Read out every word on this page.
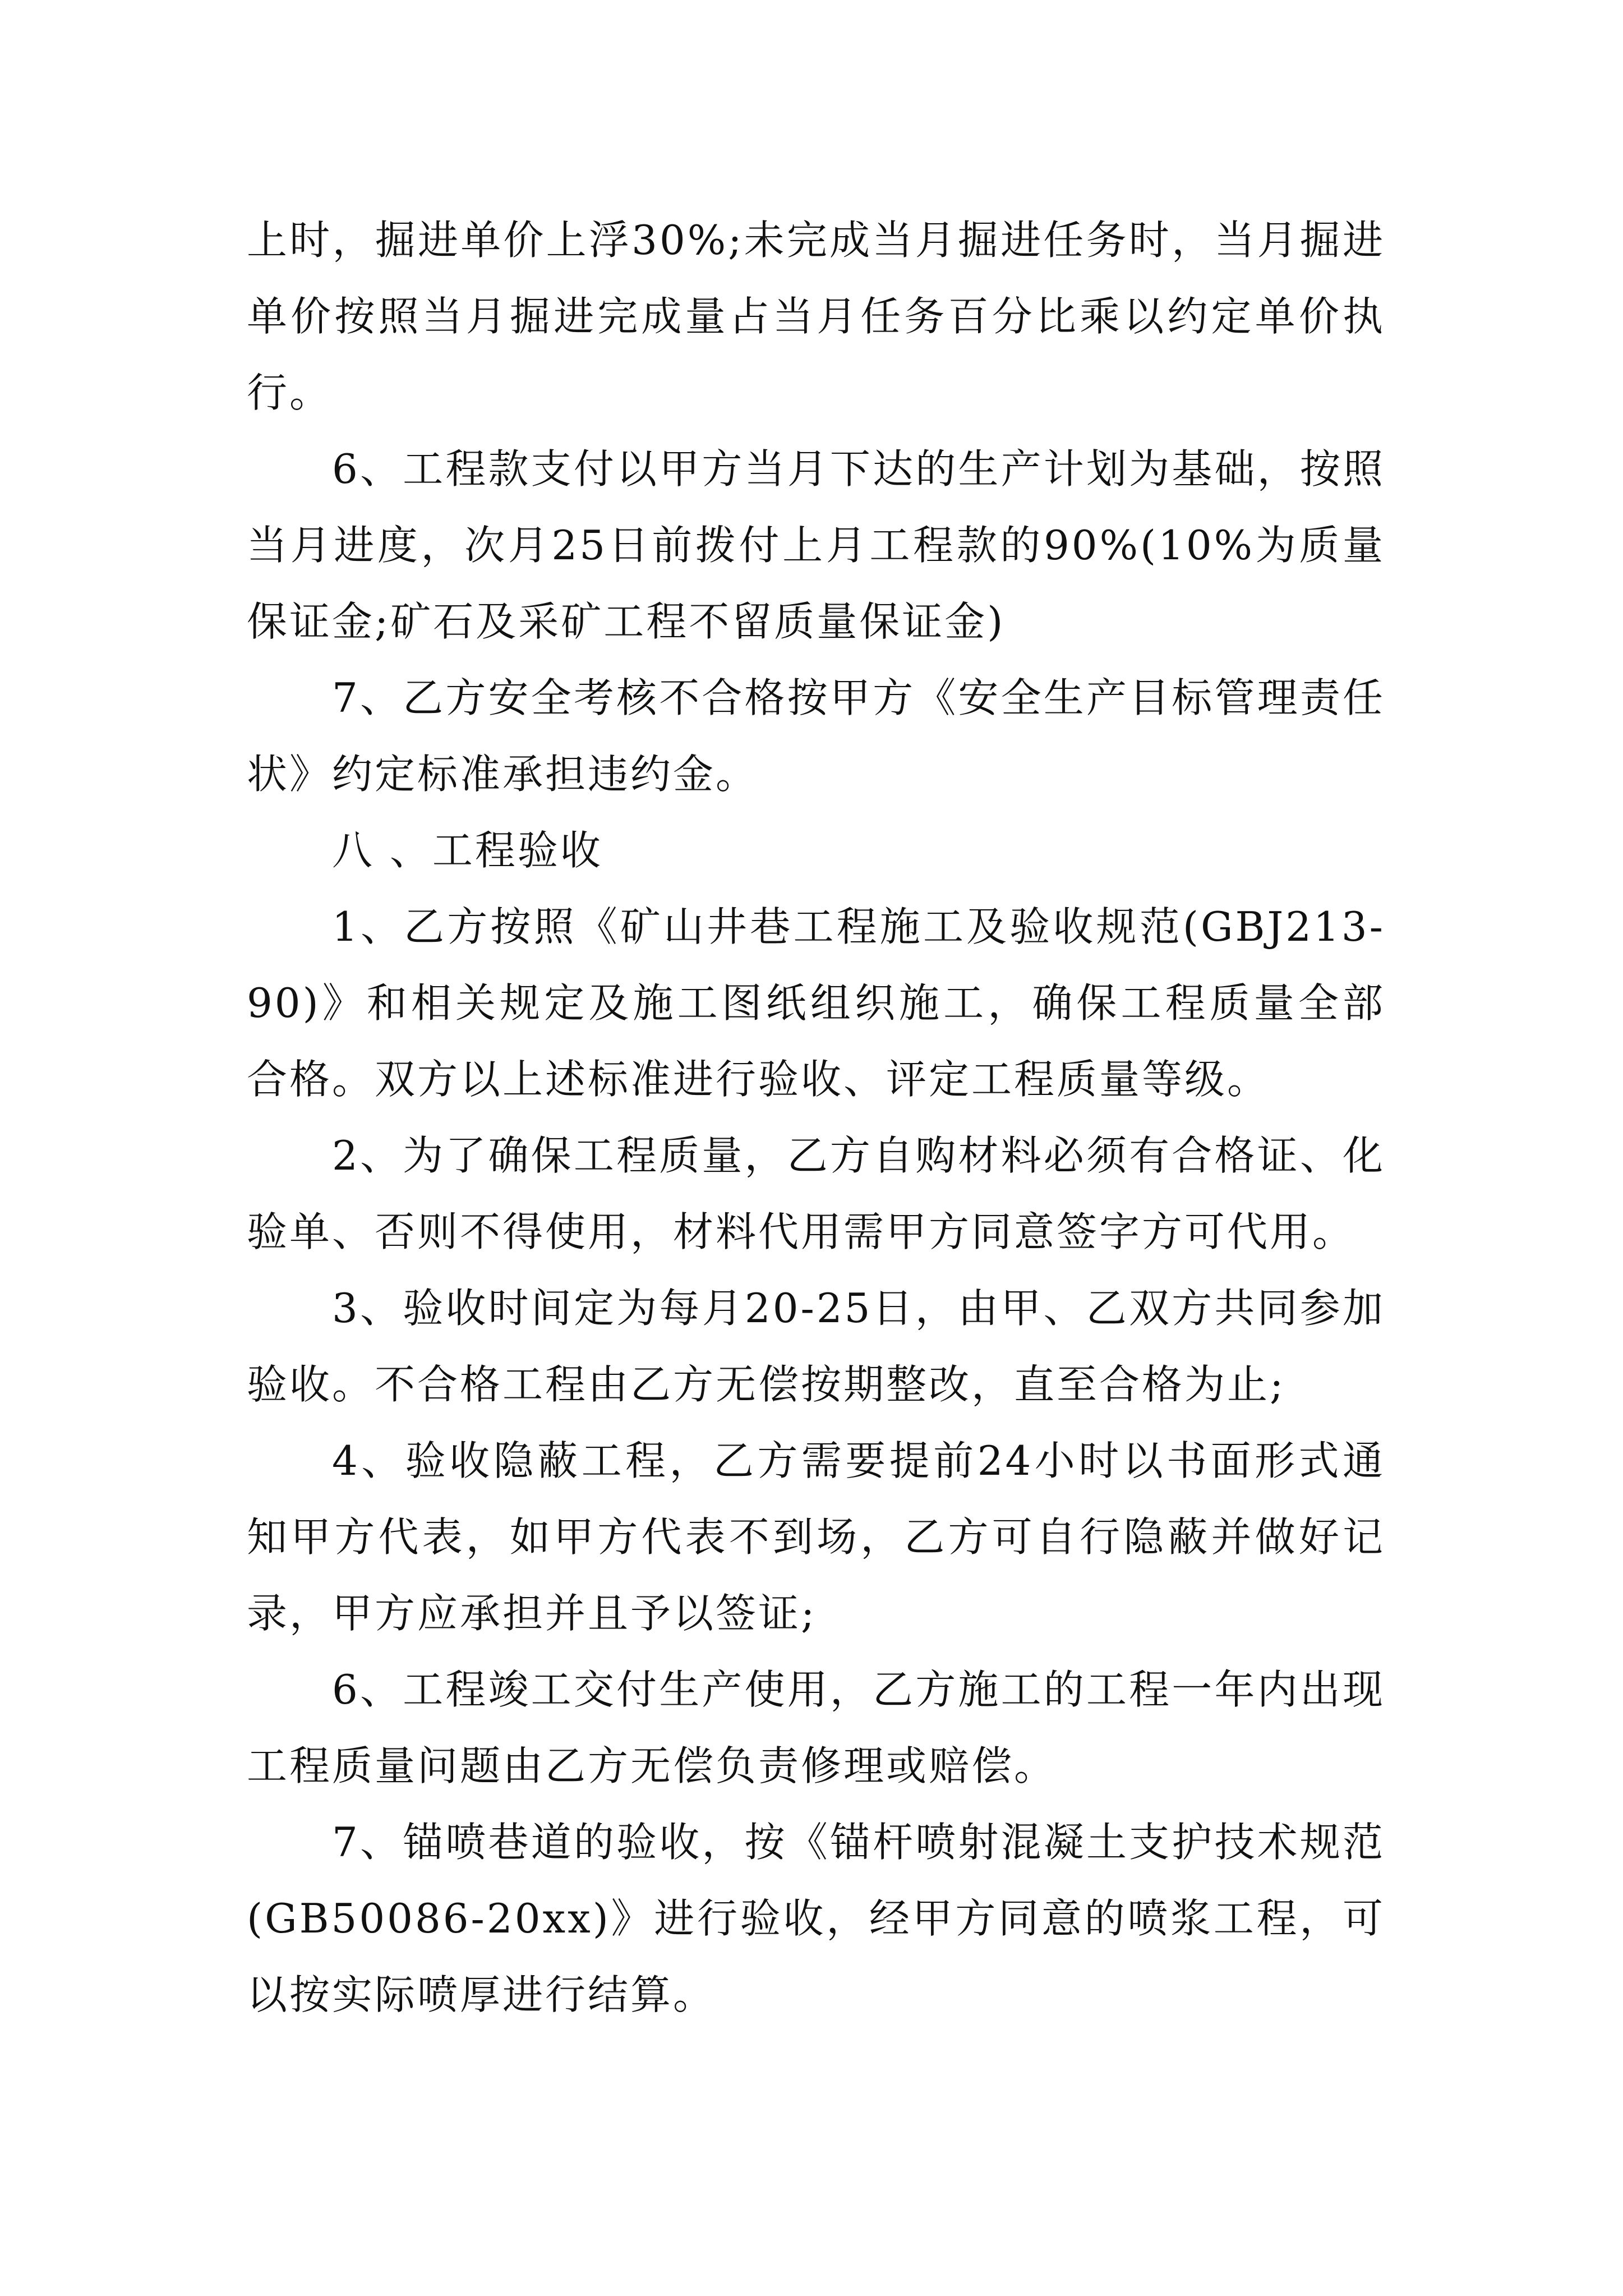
上时，掘进单价上浮30%;未完成当月掘进任务时，当月掘进单价按照当月掘进完成量占当月任务百分比乘以约定单价执行。

6、工程款支付以甲方当月下达的生产计划为基础，按照当月进度，次月25日前拨付上月工程款的90%(10%为质量保证金;矿石及采矿工程不留质量保证金)

7、乙方安全考核不合格按甲方《安全生产目标管理责任状》约定标准承担违约金。

八 、工程验收

1、乙方按照《矿山井巷工程施工及验收规范(GBJ213-90)》和相关规定及施工图纸组织施工，确保工程质量全部合格。双方以上述标准进行验收、评定工程质量等级。

2、为了确保工程质量，乙方自购材料必须有合格证、化验单、否则不得使用，材料代用需甲方同意签字方可代用。

3、验收时间定为每月20-25日，由甲、乙双方共同参加验收。不合格工程由乙方无偿按期整改，直至合格为止;

4、验收隐蔽工程，乙方需要提前24小时以书面形式通知甲方代表，如甲方代表不到场，乙方可自行隐蔽并做好记录，甲方应承担并且予以签证;

6、工程竣工交付生产使用，乙方施工的工程一年内出现工程质量问题由乙方无偿负责修理或赔偿。

7、锚喷巷道的验收，按《锚杆喷射混凝土支护技术规范(GB50086-20xx)》进行验收，经甲方同意的喷浆工程，可以按实际喷厚进行结算。
